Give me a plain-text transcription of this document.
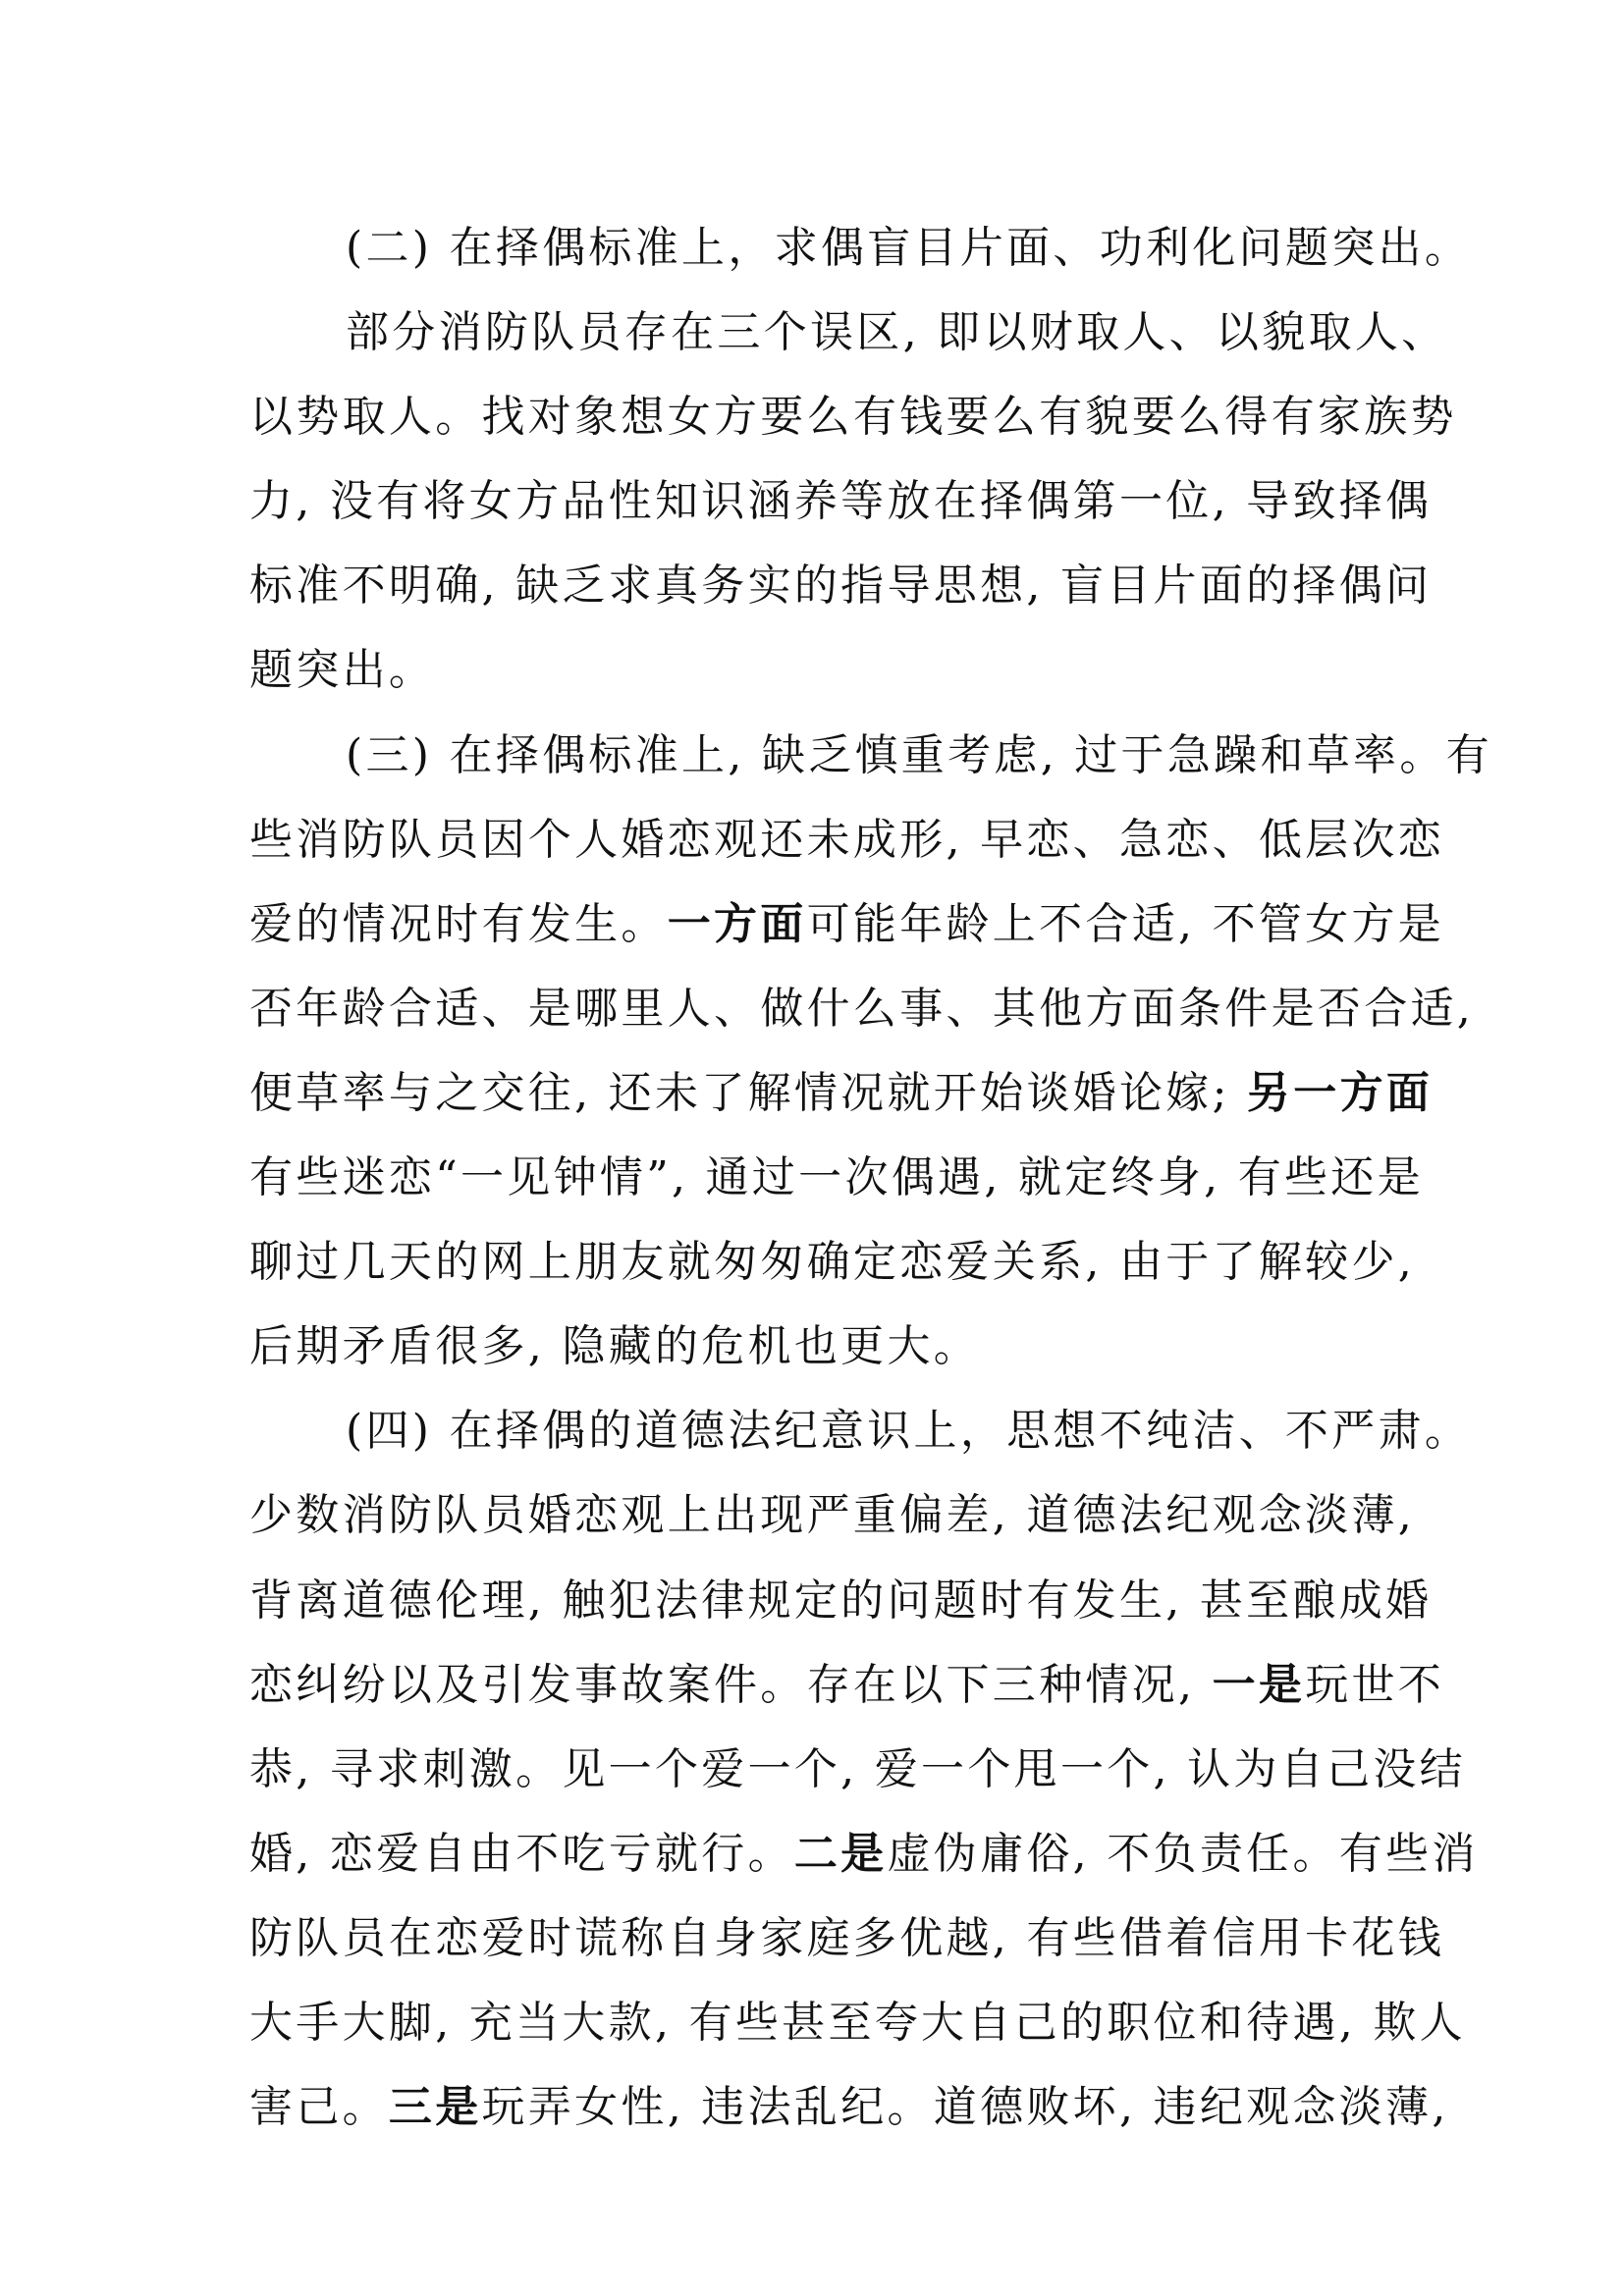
(二) 在择偶标准上，求偶盲目片面、功利化问题突出。
部分消防队员存在三个误区, 即以财取人、以貌取人、
以势取人。找对象想女方要么有钱要么有貌要么得有家族势
力, 没有将女方品性知识涵养等放在择偶第一位, 导致择偶
标准不明确, 缺乏求真务实的指导思想, 盲目片面的择偶问
题突出。
(三) 在择偶标准上, 缺乏慎重考虑, 过于急躁和草率。有
些消防队员因个人婚恋观还未成形, 早恋、急恋、低层次恋
爱的情况时有发生。一方面可能年龄上不合适, 不管女方是
否年龄合适、是哪里人、做什么事、其他方面条件是否合适,
便草率与之交往, 还未了解情况就开始谈婚论嫁; 另一方面
有些迷恋“一见钟情”, 通过一次偶遇, 就定终身, 有些还是
聊过几天的网上朋友就匆匆确定恋爱关系, 由于了解较少,
后期矛盾很多, 隐藏的危机也更大。
(四) 在择偶的道德法纪意识上，思想不纯洁、不严肃。
少数消防队员婚恋观上出现严重偏差, 道德法纪观念淡薄,
背离道德伦理, 触犯法律规定的问题时有发生, 甚至酿成婚
恋纠纷以及引发事故案件。存在以下三种情况, 一是玩世不
恭, 寻求刺激。见一个爱一个, 爱一个甩一个, 认为自己没结
婚, 恋爱自由不吃亏就行。二是虚伪庸俗, 不负责任。有些消
防队员在恋爱时谎称自身家庭多优越, 有些借着信用卡花钱
大手大脚, 充当大款, 有些甚至夸大自己的职位和待遇, 欺人
害己。三是玩弄女性, 违法乱纪。道德败坏, 违纪观念淡薄,
